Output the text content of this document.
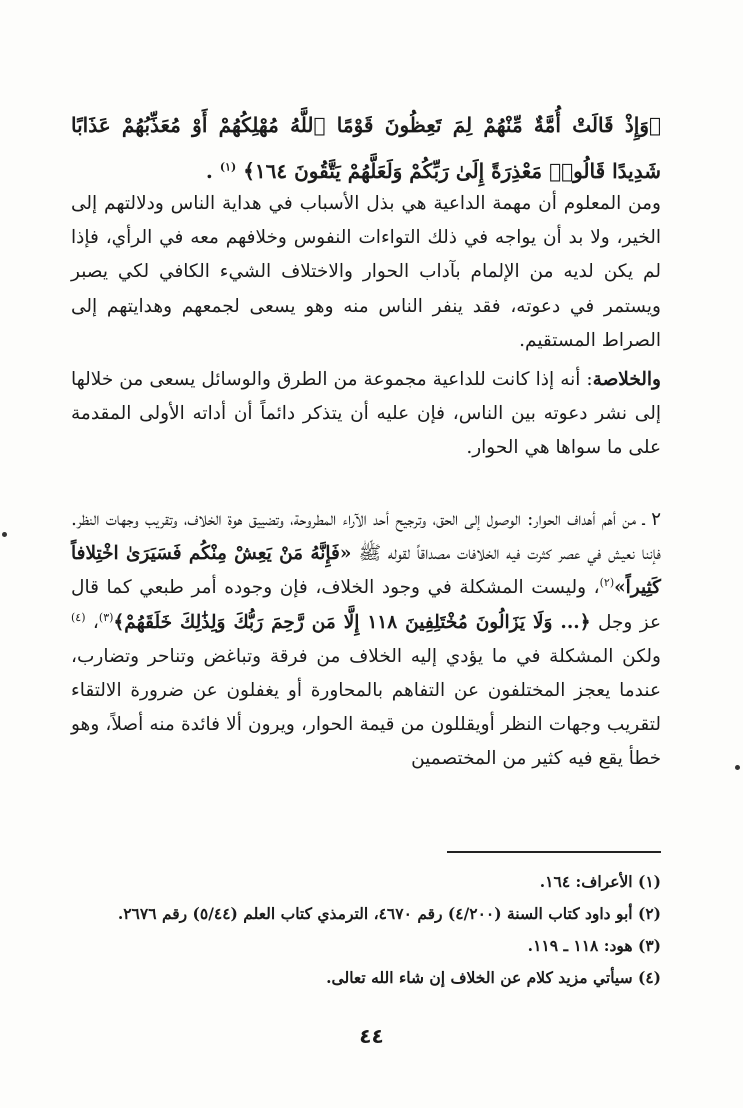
﴿وَإِذْ قَالَتْ أُمَّةٌ مِّنْهُمْ لِمَ تَعِظُونَ قَوْمًا ٱللَّهُ مُهْلِكُهُمْ أَوْ مُعَذِّبُهُمْ عَذَابًا شَدِيدًا قَالُوا۟ مَعْذِرَةً إِلَىٰ رَبِّكُمْ وَلَعَلَّهُمْ يَتَّقُونَ ١٦٤﴾ $^{(١)}$ .
ومن المعلوم أن مهمة الداعية هي بذل الأسباب في هداية الناس ودلالتهم إلى الخير، ولا بد أن يواجه في ذلك التواءات النفوس وخلافهم معه في الرأي، فإذا لم يكن لديه من الإلمام بآداب الحوار والاختلاف الشيء الكافي لكي يصبر ويستمر في دعوته، فقد ينفر الناس منه وهو يسعى لجمعهم وهدايتهم إلى الصراط المستقيم.
والخلاصة: أنه إذا كانت للداعية مجموعة من الطرق والوسائل يسعى من خلالها إلى نشر دعوته بين الناس، فإن عليه أن يتذكر دائماً أن أداته الأولى المقدمة على ما سواها هي الحوار.
٢ ـ من أهم أهداف الحوار: الوصول إلى الحق، وترجيح أحد الآراء المطروحة، وتضييق هوة الخلاف، وتقريب وجهات النظر. فإننا نعيش في عصر كثرت فيه الخلافات مصداقاً لقوله ﷺ «فَإِنَّهُ مَنْ يَعِشْ مِنْكُم فَسَيَرَىٰ اخْتِلافاً كَثِيراً»$^{(٢)}$، وليست المشكلة في وجود الخلاف، فإن وجوده أمر طبعي كما قال عز وجل ﴿... وَلَا يَزَالُونَ مُخْتَلِفِينَ ١١٨ إِلَّا مَن رَّحِمَ رَبُّكَ وَلِذَٰلِكَ خَلَقَهُمْ﴾$^{(٣)}$، $^{(٤)}$ ولكن المشكلة في ما يؤدي إليه الخلاف من فرقة وتباغض وتناحر وتضارب، عندما يعجز المختلفون عن التفاهم بالمحاورة أو يغفلون عن ضرورة الالتقاء لتقريب وجهات النظر أويقللون من قيمة الحوار، ويرون ألا فائدة منه أصلاً، وهو خطأ يقع فيه كثير من المختصمين
(١) الأعراف: ١٦٤.
(٢) أبو داود كتاب السنة (٤/٢٠٠) رقم ٤٦٧٠، الترمذي كتاب العلم (٥/٤٤) رقم ٢٦٧٦.
(٣) هود: ١١٨ ـ ١١٩.
(٤) سيأتي مزيد كلام عن الخلاف إن شاء الله تعالى.
٤٤
